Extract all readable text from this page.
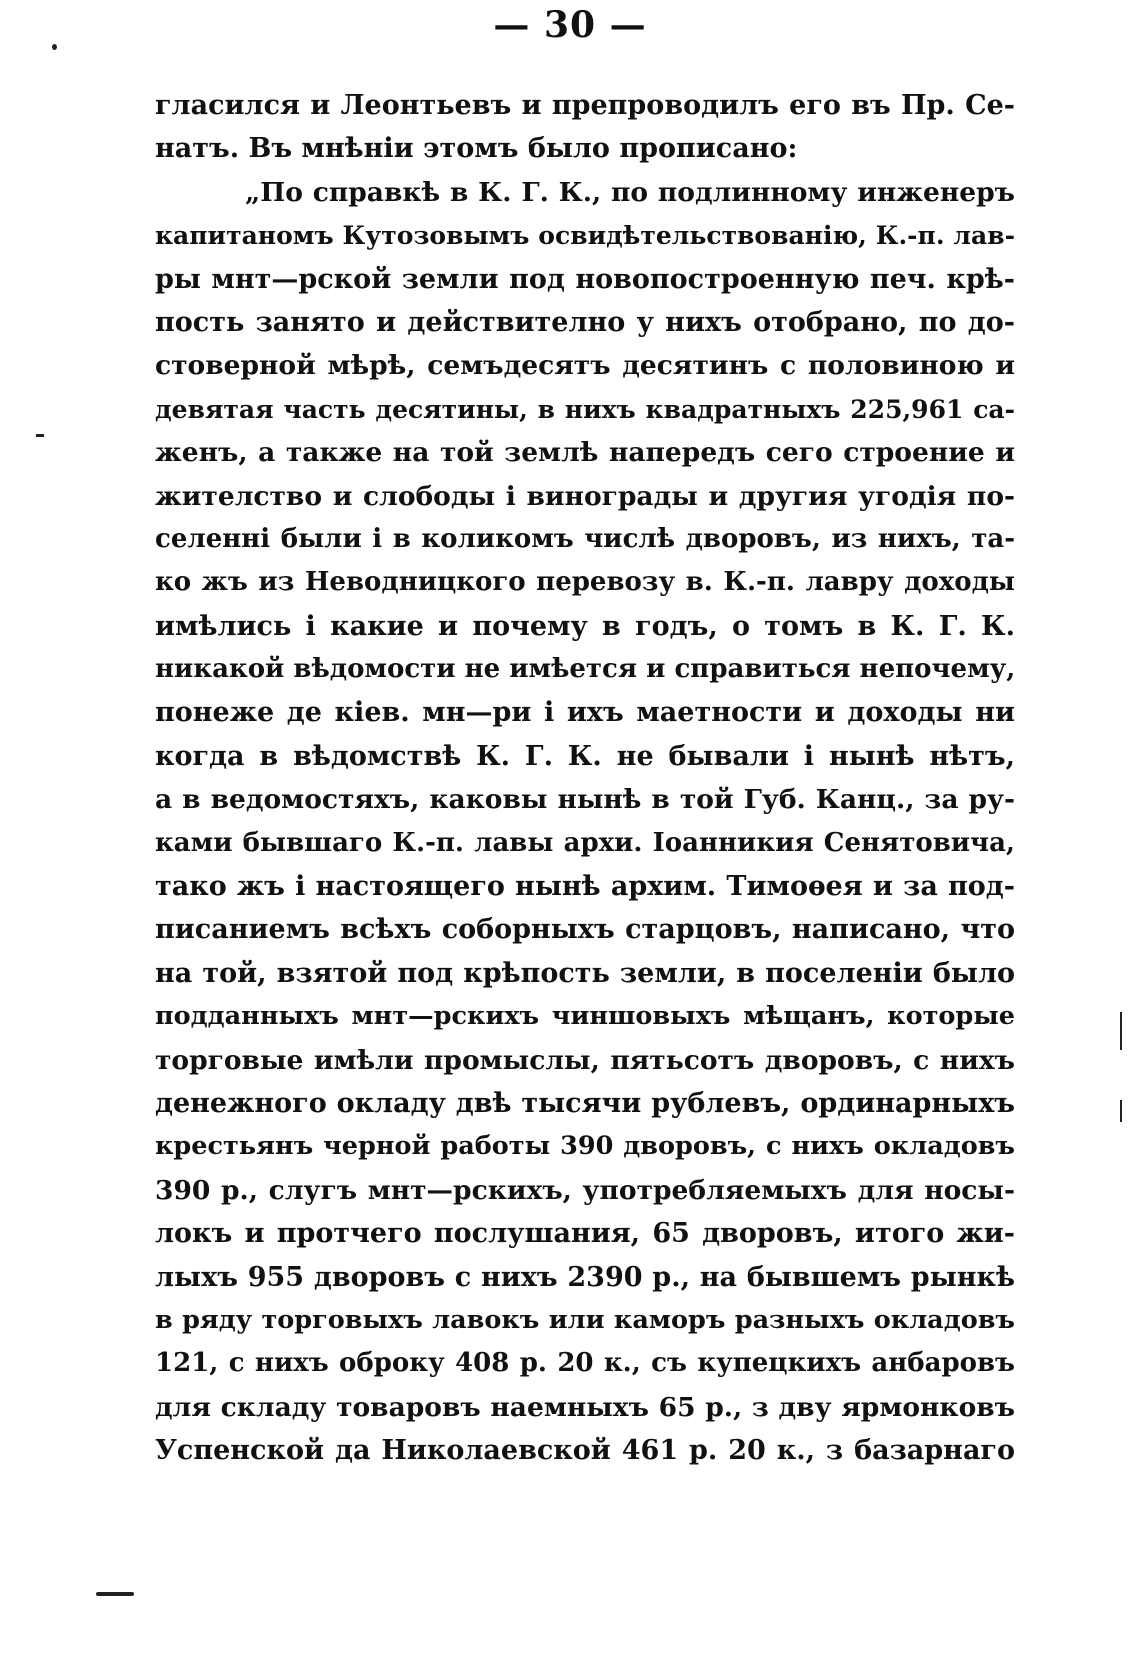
— 30 —
гласился и Леонтьевъ и препроводилъ его въ Пр. Се-
натъ. Въ мнѣніи этомъ было прописано:
„По справкѣ в К. Г. К., по подлинному инженеръ
капитаномъ Кутозовымъ освидѣтельствованію, К.-п. лав-
ры мнт—рской земли под новопостроенную печ. крѣ-
пость занято и действително у нихъ отобрано, по до-
стоверной мѣрѣ, семъдесятъ десятинъ с половиною и
девятая часть десятины, в нихъ квадратныхъ 225,961 са-
женъ, а также на той землѣ напередъ сего строение и
жителство и слободы і винограды и другия угодія по-
селенні были і в коликомъ числѣ дворовъ, из нихъ, та-
ко жъ из Неводницкого перевозу в. К.-п. лавру доходы
имѣлись і какие и почему в годъ, о томъ в К. Г. К.
никакой вѣдомости не имѣется и справиться непочему,
понеже де кіев. мн—ри і ихъ маетности и доходы ни
когда в вѣдомствѣ К. Г. К. не бывали і нынѣ нѣтъ,
а в ведомостяхъ, каковы нынѣ в той Губ. Канц., за ру-
ками бывшаго К.-п. лавы архи. Іоанникия Сенятовича,
тако жъ і настоящего нынѣ архим. Тимоѳея и за под-
писаниемъ всѣхъ соборныхъ старцовъ, написано, что
на той, взятой под крѣпость земли, в поселеніи было
подданныхъ мнт—рскихъ чиншовыхъ мѣщанъ, которые
торговые имѣли промыслы, пятьсотъ дворовъ, с нихъ
денежного окладу двѣ тысячи рублевъ, ординарныхъ
крестьянъ черной работы 390 дворовъ, с нихъ окладовъ
390 р., слугъ мнт—рскихъ, употребляемыхъ для носы-
локъ и протчего послушания, 65 дворовъ, итого жи-
лыхъ 955 дворовъ с нихъ 2390 р., на бывшемъ рынкѣ
в ряду торговыхъ лавокъ или каморъ разныхъ окладовъ
121, с нихъ оброку 408 р. 20 к., съ купецкихъ анбаровъ
для складу товаровъ наемныхъ 65 р., з дву ярмонковъ
Успенской да Николаевской 461 р. 20 к., з базарнаго
